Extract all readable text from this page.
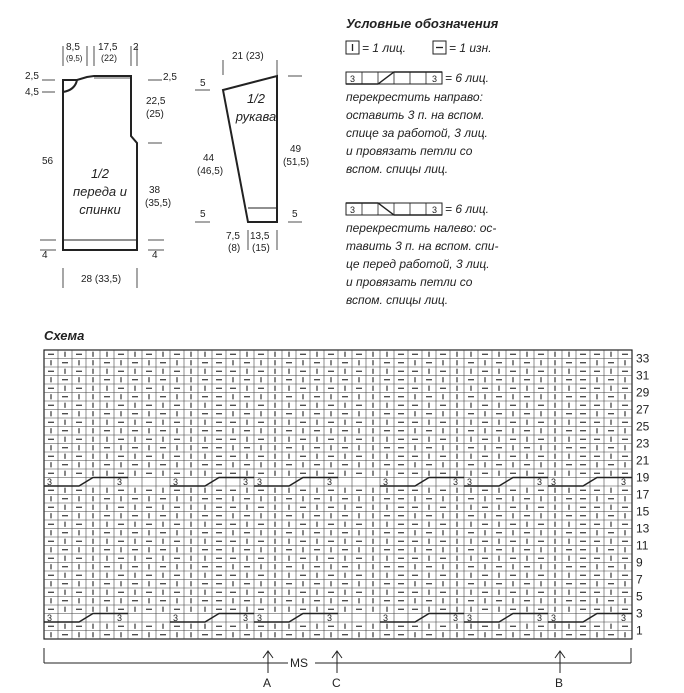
8,5
(9,5)
17,5
(22)
2
2,5
4,5
56
4
2,5
22,5
(25)
38
(35,5)
4
28 (33,5)
1/2
переда и
спинки
21 (23)
5
44
(46,5)
5
49
(51,5)
5
7,5
(8)
13,5
(15)
1/2
рукава
Условные обозначения
= 1 лиц.	= 1 изн.
3	3 = 6 лиц.
перекрестить направо:
оставить 3 п. на вспом.
спице за работой, 3 лиц.
и провязать петли со
вспом. спицы лиц.
3	3 = 6 лиц.
перекрестить налево: ос-
тавить 3 п. на вспом. спи-
це перед работой, 3 лиц.
и провязать петли со
вспом. спицы лиц.
Схема
3	3	3	3 3	3	3	3 3	3 3	3
3	3	3	3 3	3	3	3 3	3 3	3
33
31
29
27
25
23
21
19
17
15
13
11
9
7
5
3
1
MS
A	C	B
